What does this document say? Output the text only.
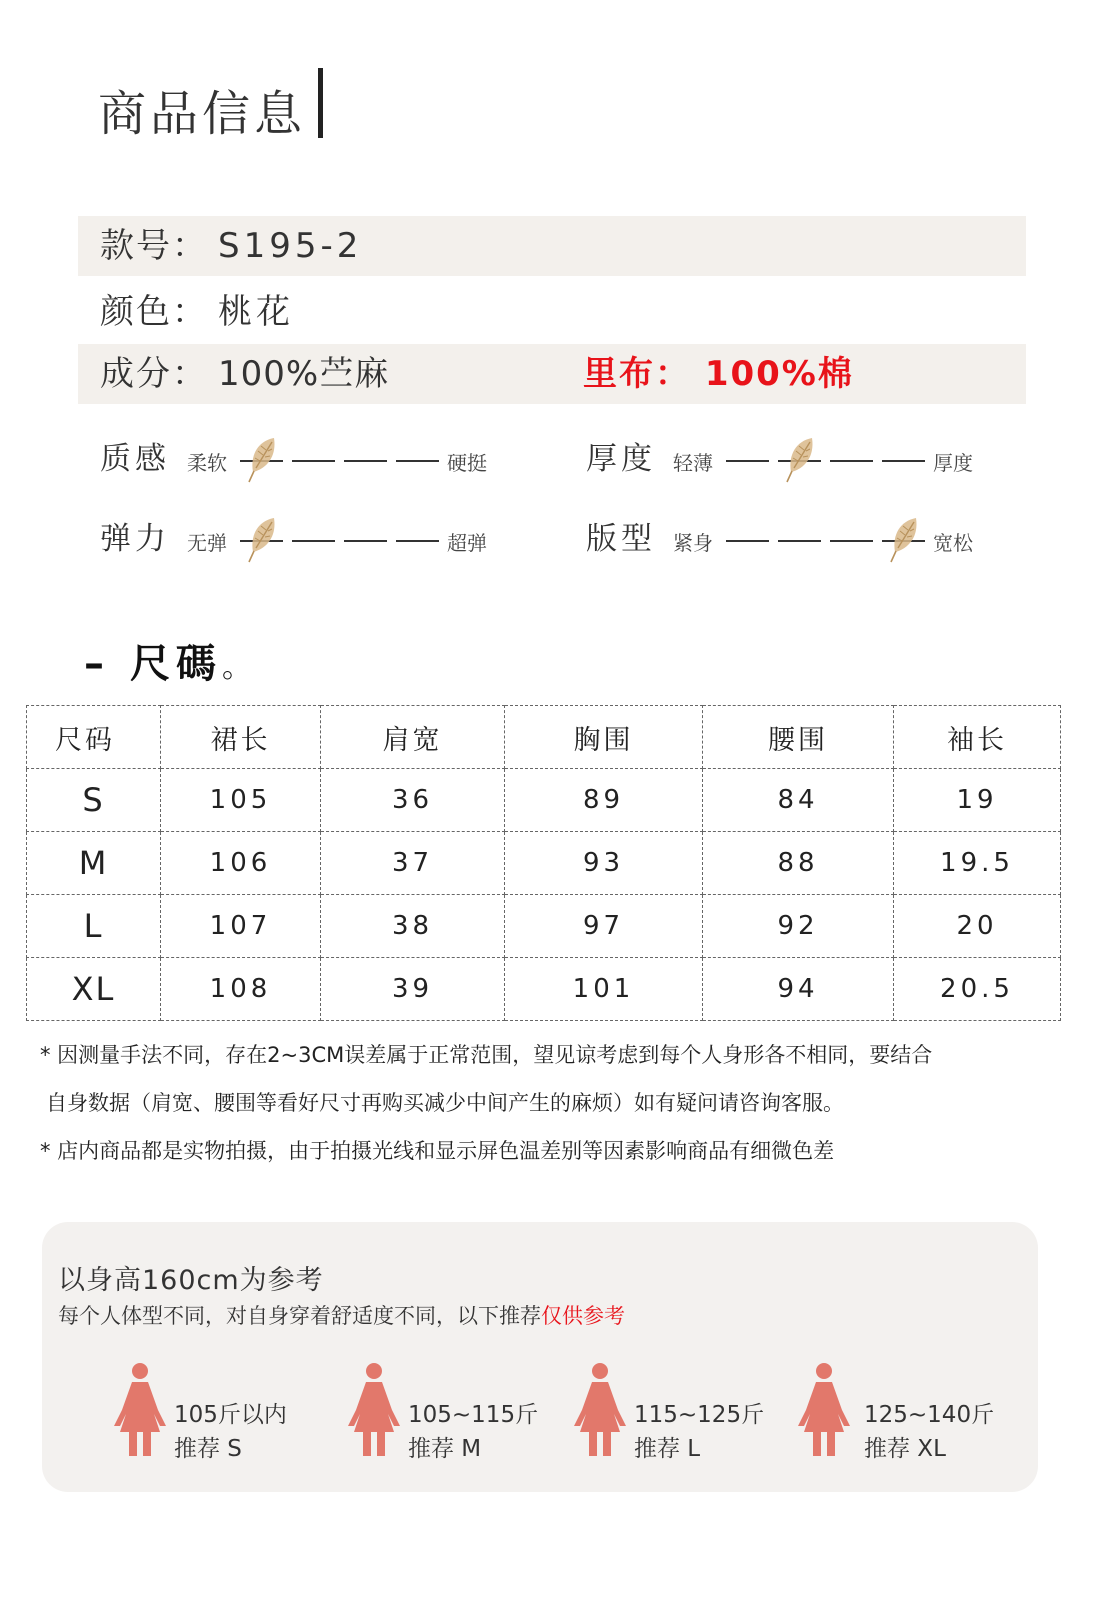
商品信息
款号： S195-2
颜色： 桃花
成分： 100%苎麻	里布： 100%棉
质感 柔软	硬挺	厚度 轻薄	厚度
弹力 无弹	超弹	版型 紧身	宽松
– 尺碼。
尺码	裙长	肩宽	胸围	腰围	袖长
S	105	36	89	84	19
M	106	37	93	88	19.5
L	107	38	97	92	20
XL	108	39	101	94	20.5
* 因测量手法不同，存在2~3CM误差属于正常范围，望见谅考虑到每个人身形各不相同，要结合
自身数据（肩宽、腰围等看好尺寸再购买减少中间产生的麻烦）如有疑问请咨询客服。
* 店内商品都是实物拍摄，由于拍摄光线和显示屏色温差别等因素影响商品有细微色差
以身高160cm为参考
每个人体型不同，对自身穿着舒适度不同，以下推荐仅供参考
105斤以内
推荐 S
105~115斤
推荐 M
115~125斤
推荐 L
125~140斤
推荐 XL
